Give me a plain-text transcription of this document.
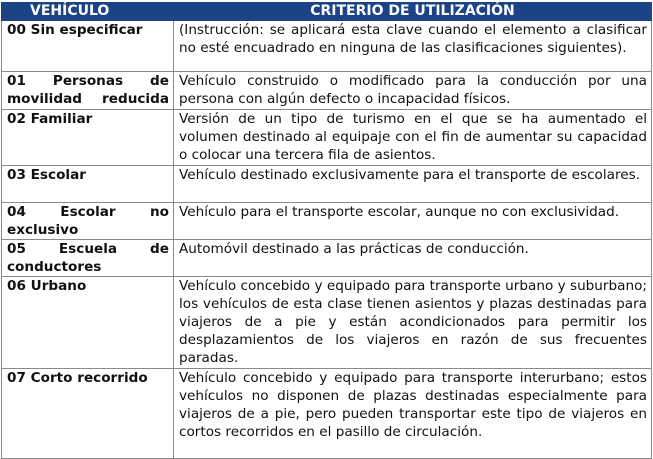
VEHÍCULO	CRITERIO DE UTILIZACIÓN
00 Sin especificar	(Instrucción: se aplicará esta clave cuando el elemento a clasificar no esté encuadrado en ninguna de las clasificaciones siguientes).
01 Personas de movilidad reducida	Vehículo construido o modificado para la conducción por una persona con algún defecto o incapacidad físicos.
02 Familiar	Versión de un tipo de turismo en el que se ha aumentado el volumen destinado al equipaje con el fin de aumentar su capacidad o colocar una tercera fila de asientos.
03 Escolar	Vehículo destinado exclusivamente para el transporte de escolares.
04 Escolar no exclusivo	Vehículo para el transporte escolar, aunque no con exclusividad.
05 Escuela de conductores	Automóvil destinado a las prácticas de conducción.
06 Urbano	Vehículo concebido y equipado para transporte urbano y suburbano; los vehículos de esta clase tienen asientos y plazas destinadas para viajeros de a pie y están acondicionados para permitir los desplazamientos de los viajeros en razón de sus frecuentes paradas.
07 Corto recorrido	Vehículo concebido y equipado para transporte interurbano; estos vehículos no disponen de plazas destinadas especialmente para viajeros de a pie, pero pueden transportar este tipo de viajeros en cortos recorridos en el pasillo de circulación.
